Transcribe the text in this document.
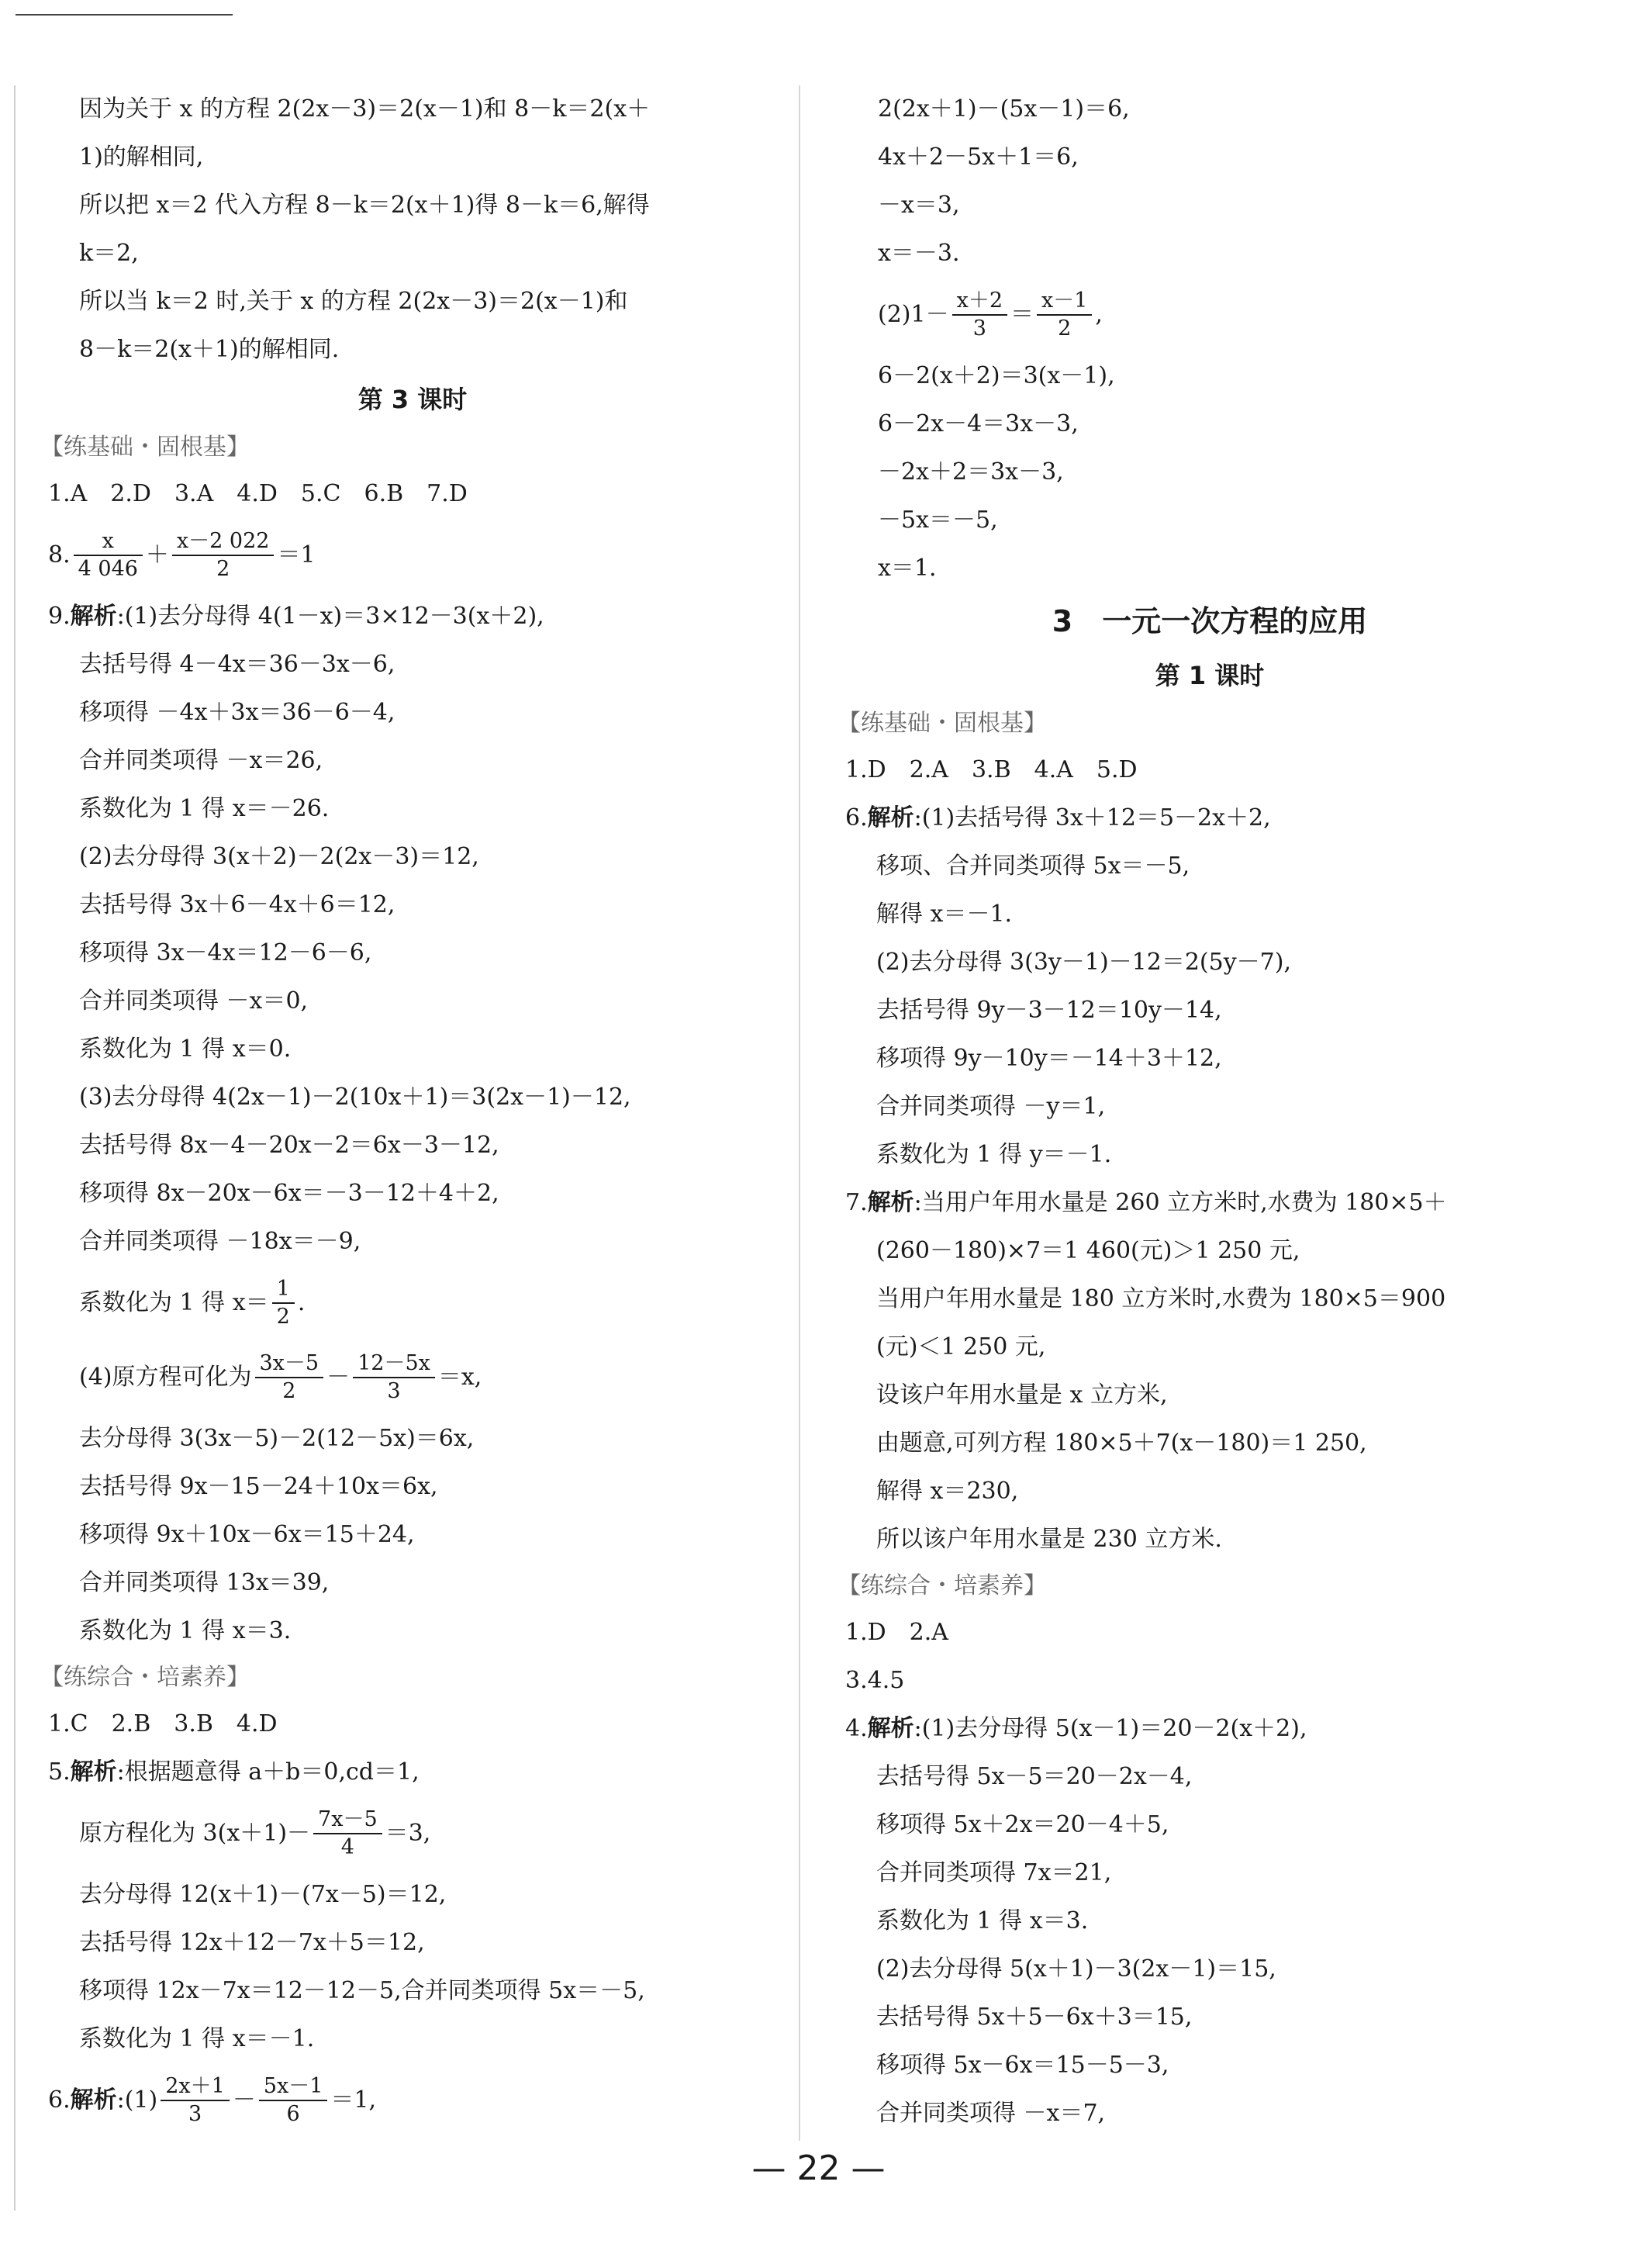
因为关于 x 的方程 2(2x－3)＝2(x－1)和 8－k＝2(x＋
1)的解相同,
所以把 x＝2 代入方程 8－k＝2(x＋1)得 8－k＝6,解得
k＝2,
所以当 k＝2 时,关于 x 的方程 2(2x－3)＝2(x－1)和
8－k＝2(x＋1)的解相同.
第 3 课时
【练基础・固根基】
1.A　2.D　3.A　4.D　5.C　6.B　7.D
8. $\frac{x}{4 046} + \frac{x-2 022}{2} =1$
9.解析:(1)去分母得 4(1－x)＝3×12－3(x＋2),
去括号得 4－4x＝36－3x－6,
移项得 －4x＋3x＝36－6－4,
合并同类项得 －x＝26,
系数化为 1 得 x＝－26.
(2)去分母得 3(x＋2)－2(2x－3)＝12,
去括号得 3x＋6－4x＋6＝12,
移项得 3x－4x＝12－6－6,
合并同类项得 －x＝0,
系数化为 1 得 x＝0.
(3)去分母得 4(2x－1)－2(10x＋1)＝3(2x－1)－12,
去括号得 8x－4－20x－2＝6x－3－12,
移项得 8x－20x－6x＝－3－12＋4＋2,
合并同类项得 －18x＝－9,
系数化为 1 得 $x= \frac{1}{2}$ .
(4)原方程可化为 $\frac{3x-5}{2} - \frac{12-5x}{3} =x$,
去分母得 3(3x－5)－2(12－5x)＝6x,
去括号得 9x－15－24＋10x＝6x,
移项得 9x＋10x－6x＝15＋24,
合并同类项得 13x＝39,
系数化为 1 得 x＝3.
【练综合・培素养】
1.C　2.B　3.B　4.D
5.解析:根据题意得 a＋b＝0,cd＝1,
原方程化为 $3(x+1)- \frac{7x-5}{4} =3$,
去分母得 12(x＋1)－(7x－5)＝12,
去括号得 12x＋12－7x＋5＝12,
移项得 12x－7x＝12－12－5,合并同类项得 5x＝－5,
系数化为 1 得 x＝－1.
6. 解析 :(1) $\frac{2x+1}{3} - \frac{5x-1}{6} =1$,
2(2x＋1)－(5x－1)＝6,
4x＋2－5x＋1＝6,
－x＝3,
x＝－3.
$(2)1- \frac{x+2}{3} = \frac{x-1}{2}$ ,
6－2(x＋2)＝3(x－1),
6－2x－4＝3x－3,
－2x＋2＝3x－3,
－5x＝－5,
x＝1.
3　一元一次方程的应用
第 1 课时
【练基础・固根基】
1.D　2.A　3.B　4.A　5.D
6.解析:(1)去括号得 3x＋12＝5－2x＋2,
移项、合并同类项得 5x＝－5,
解得 x＝－1.
(2)去分母得 3(3y－1)－12＝2(5y－7),
去括号得 9y－3－12＝10y－14,
移项得 9y－10y＝－14＋3＋12,
合并同类项得 －y＝1,
系数化为 1 得 y＝－1.
7.解析:当用户年用水量是 260 立方米时,水费为 180×5＋
(260－180)×7＝1 460(元)＞1 250 元,
当用户年用水量是 180 立方米时,水费为 180×5＝900
(元)＜1 250 元,
设该户年用水量是 x 立方米,
由题意,可列方程 180×5＋7(x－180)＝1 250,
解得 x＝230,
所以该户年用水量是 230 立方米.
【练综合・培素养】
1.D　2.A
3.4.5
4.解析:(1)去分母得 5(x－1)＝20－2(x＋2),
去括号得 5x－5＝20－2x－4,
移项得 5x＋2x＝20－4＋5,
合并同类项得 7x＝21,
系数化为 1 得 x＝3.
(2)去分母得 5(x＋1)－3(2x－1)＝15,
去括号得 5x＋5－6x＋3＝15,
移项得 5x－6x＝15－5－3,
合并同类项得 －x＝7,
— 22 —
